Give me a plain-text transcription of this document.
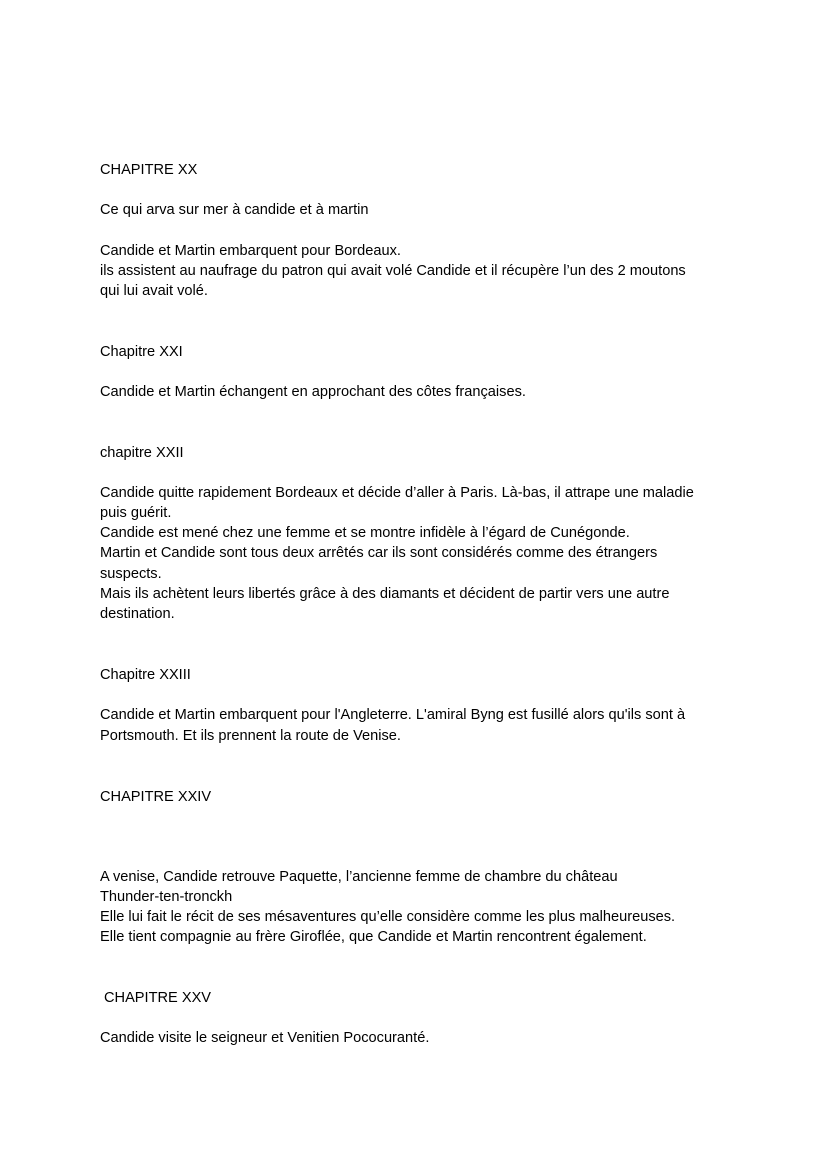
CHAPITRE XX

Ce qui arva sur mer à candide et à martin

Candide et Martin embarquent pour Bordeaux.

ils assistent au naufrage du patron qui avait volé Candide et il récupère l’un des 2 moutons

qui lui avait volé.

Chapitre XXI

Candide et Martin échangent en approchant des côtes françaises.

chapitre XXII

Candide quitte rapidement Bordeaux et décide d’aller à Paris. Là-bas, il attrape une maladie

puis guérit.

Candide est mené chez une femme et se montre infidèle à l’égard de Cunégonde.

Martin et Candide sont tous deux arrêtés car ils sont considérés comme des étrangers

suspects.

Mais ils achètent leurs libertés grâce à des diamants et décident de partir vers une autre

destination.

Chapitre XXIII

Candide et Martin embarquent pour l'Angleterre. L'amiral Byng est fusillé alors qu'ils sont à

Portsmouth. Et ils prennent la route de Venise.

CHAPITRE XXIV

A venise, Candide retrouve Paquette, l’ancienne femme de chambre du château

Thunder-ten-tronckh

Elle lui fait le récit de ses mésaventures qu’elle considère comme les plus malheureuses.

Elle tient compagnie au frère Giroflée, que Candide et Martin rencontrent également.

CHAPITRE XXV

Candide visite le seigneur et Venitien Pococuranté.
